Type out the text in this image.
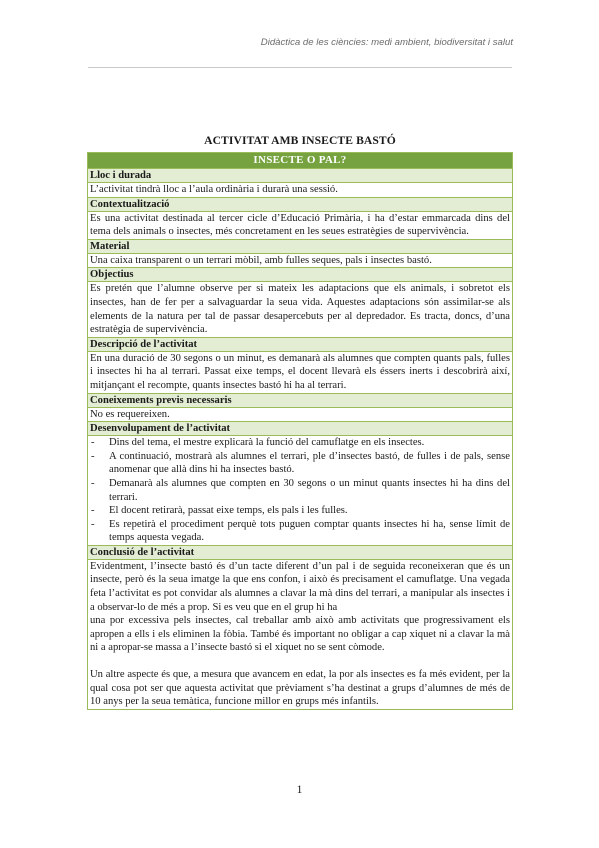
Didàctica de les ciències: medi ambient, biodiversitat i salut
ACTIVITAT AMB INSECTE BASTÓ
INSECTE O PAL?
Lloc i durada

L’activitat tindrà lloc a l’aula ordinària i durarà una sessió.

Contextualització

Es una activitat destinada al tercer cicle d’Educació Primària, i ha d’estar emmarcada dins del tema dels animals o insectes, més concretament en les seues estratègies de supervivència.

Material

Una caixa transparent o un terrari mòbil, amb fulles seques, pals i insectes bastó.

Objectius

Es pretén que l’alumne observe per si mateix les adaptacions que els animals, i sobretot els insectes, han de fer per a salvaguardar la seua vida. Aquestes adaptacions són assimilar-se als elements de la natura per tal de passar desapercebuts per al depredador. Es tracta, doncs, d’una estratègia de supervivència.

Descripció de l’activitat

En una duració de 30 segons o un minut, es demanarà als alumnes que compten quants pals, fulles i insectes hi ha al terrari. Passat eixe temps, el docent llevarà els éssers inerts i descobrirà així, mitjançant el recompte, quants insectes bastó hi ha al terrari.

Coneixements previs necessaris

No es requereixen.

Desenvolupament de l’activitat

- Dins del tema, el mestre explicarà la funció del camuflatge en els insectes.
- A continuació, mostrarà als alumnes el terrari, ple d’insectes bastó, de fulles i de pals, sense anomenar que allà dins hi ha insectes bastó.
- Demanarà als alumnes que compten en 30 segons o un minut quants insectes hi ha dins del terrari.
- El docent retirarà, passat eixe temps, els pals i les fulles.
- Es repetirà el procediment perquè tots puguen comptar quants insectes hi ha, sense límit de temps aquesta vegada.

Conclusió de l’activitat

Evidentment, l’insecte bastó és d’un tacte diferent d’un pal i de seguida reconeixeran que és un insecte, però és la seua imatge la que ens confon, i això és precisament el camuflatge. Una vegada feta l’activitat es pot convidar als alumnes a clavar la mà dins del terrari, a manipular als insectes i a observar-lo de més a prop. Si es veu que en el grup hi ha

una por excessiva pels insectes, cal treballar amb això amb activitats que progressivament els apropen a ells i els eliminen la fòbia. També és important no obligar a cap xiquet ni a clavar la mà ni a apropar-se massa a l’insecte bastó si el xiquet no se sent còmode.

Un altre aspecte és que, a mesura que avancem en edat, la por als insectes es fa més evident, per la qual cosa pot ser que aquesta activitat que prèviament s’ha destinat a grups d’alumnes de més de 10 anys per la seua temàtica, funcione millor en grups més infantils.

1
